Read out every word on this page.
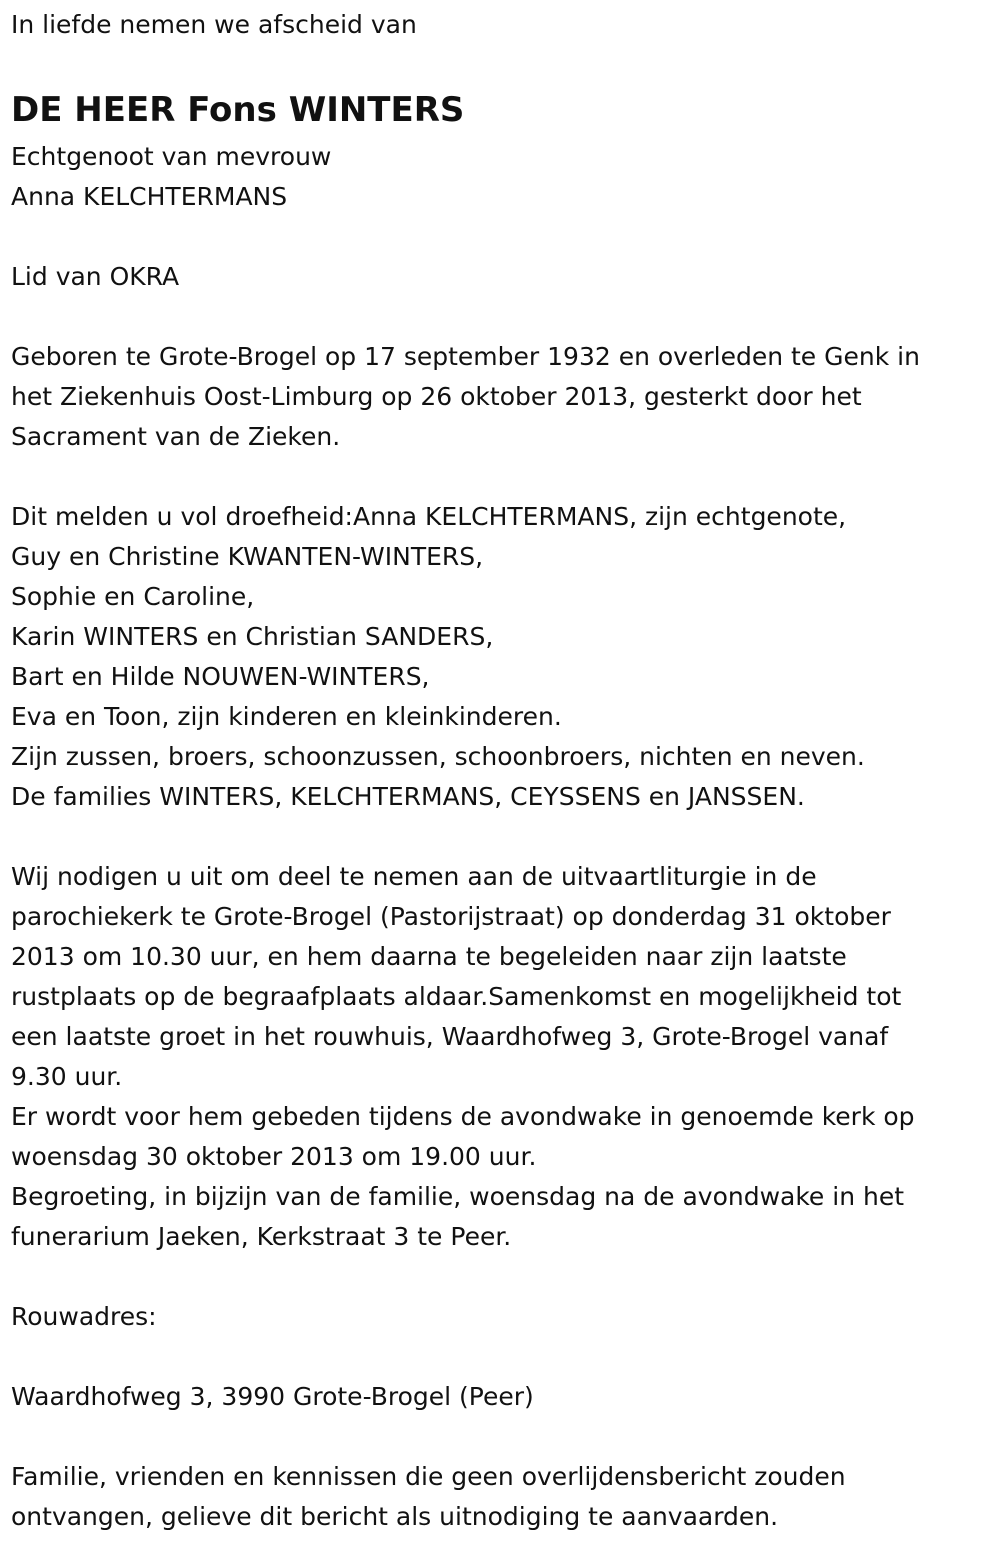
In liefde nemen we afscheid van
DE HEER Fons WINTERS
Echtgenoot van mevrouw
Anna KELCHTERMANS
Lid van OKRA
Geboren te Grote-Brogel op 17 september 1932 en overleden te Genk in
het Ziekenhuis Oost-Limburg op 26 oktober 2013, gesterkt door het
Sacrament van de Zieken.
Dit melden u vol droefheid:Anna KELCHTERMANS, zijn echtgenote,
Guy en Christine KWANTEN-WINTERS,
Sophie en Caroline,
Karin WINTERS en Christian SANDERS,
Bart en Hilde NOUWEN-WINTERS,
Eva en Toon, zijn kinderen en kleinkinderen.
Zijn zussen, broers, schoonzussen, schoonbroers, nichten en neven.
De families WINTERS, KELCHTERMANS, CEYSSENS en JANSSEN.
Wij nodigen u uit om deel te nemen aan de uitvaartliturgie in de
parochiekerk te Grote-Brogel (Pastorijstraat) op donderdag 31 oktober
2013 om 10.30 uur, en hem daarna te begeleiden naar zijn laatste
rustplaats op de begraafplaats aldaar.Samenkomst en mogelijkheid tot
een laatste groet in het rouwhuis, Waardhofweg 3, Grote-Brogel vanaf
9.30 uur.
Er wordt voor hem gebeden tijdens de avondwake in genoemde kerk op
woensdag 30 oktober 2013 om 19.00 uur.
Begroeting, in bijzijn van de familie, woensdag na de avondwake in het
funerarium Jaeken, Kerkstraat 3 te Peer.
Rouwadres:
Waardhofweg 3, 3990 Grote-Brogel (Peer)
Familie, vrienden en kennissen die geen overlijdensbericht zouden
ontvangen, gelieve dit bericht als uitnodiging te aanvaarden.
